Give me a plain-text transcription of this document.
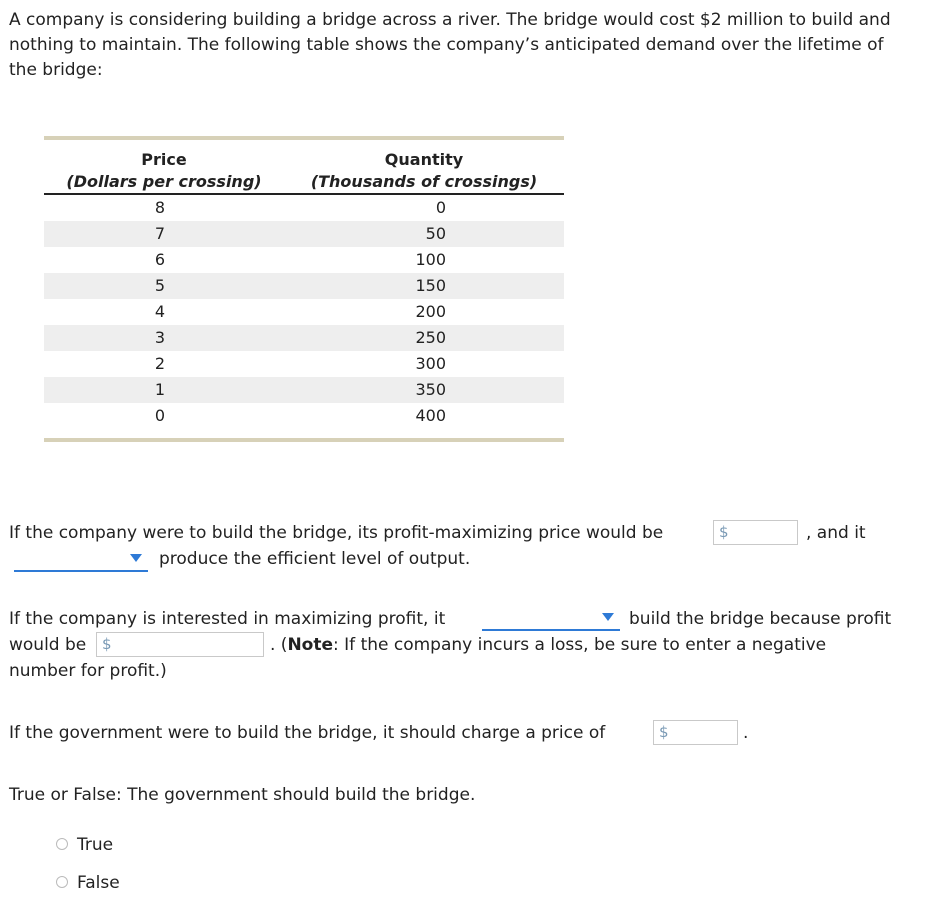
A company is considering building a bridge across a river. The bridge would cost $2 million to build and nothing to maintain. The following table shows the company’s anticipated demand over the lifetime of the bridge:

Price	Quantity
(Dollars per crossing)	(Thousands of crossings)
8	0
7	50
6	100
5	150
4	200
3	250
2	300
1	350
0	400

If the company were to build the bridge, its profit-maximizing price would be	$	, and it
produce the efficient level of output.
If the company is interested in maximizing profit, it	build the bridge because profit
would be	$	. (Note: If the company incurs a loss, be sure to enter a negative
number for profit.)
If the government were to build the bridge, it should charge a price of	$	.
True or False: The government should build the bridge.
True
False
